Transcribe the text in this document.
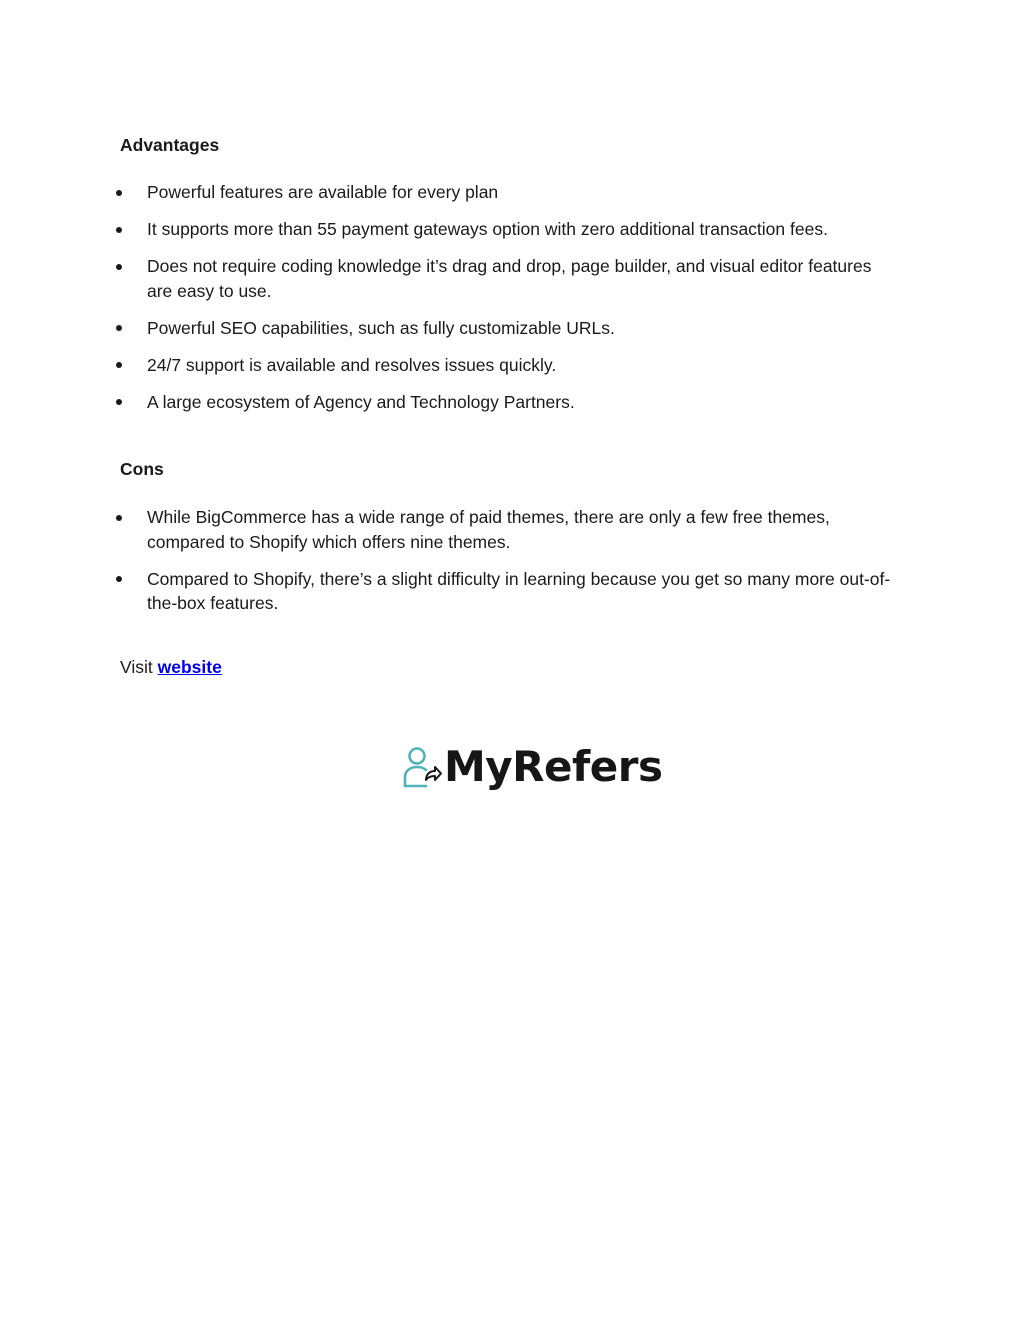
Advantages
Powerful features are available for every plan
It supports more than 55 payment gateways option with zero additional transaction fees.
Does not require coding knowledge it’s drag and drop, page builder, and visual editor features are easy to use.
Powerful SEO capabilities, such as fully customizable URLs.
24/7 support is available and resolves issues quickly.
A large ecosystem of Agency and Technology Partners.
Cons
While BigCommerce has a wide range of paid themes, there are only a few free themes, compared to Shopify which offers nine themes.
Compared to Shopify, there’s a slight difficulty in learning because you get so many more out-of-the-box features.

Visit website

MyRefers
